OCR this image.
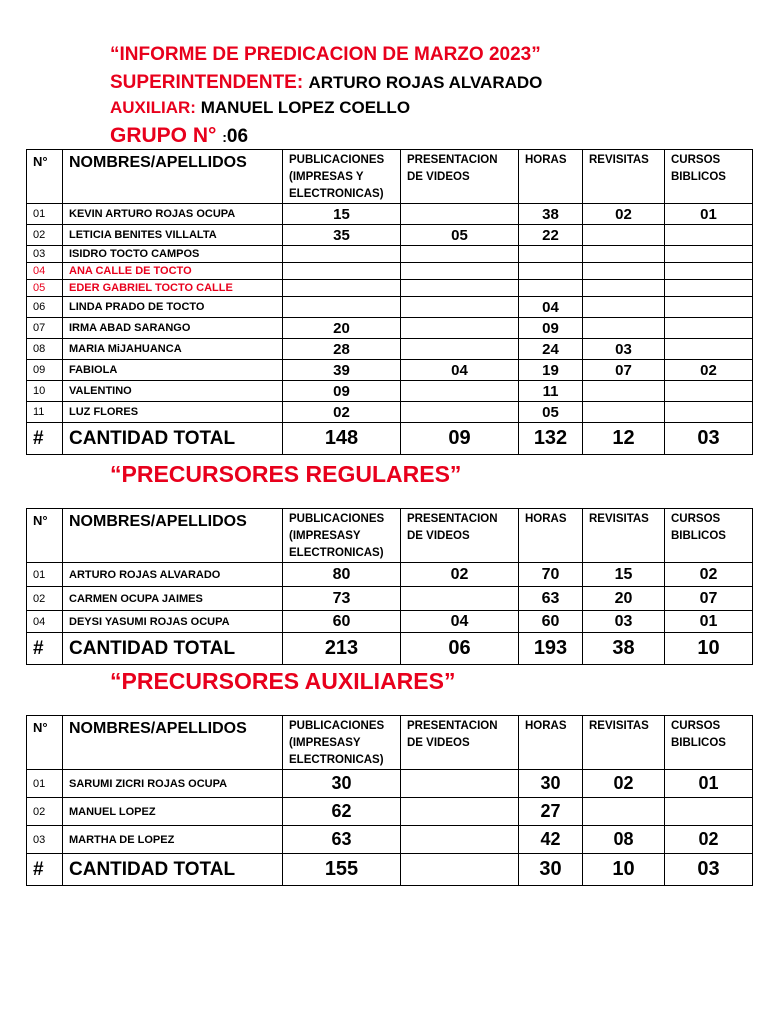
“INFORME DE PREDICACION DE MARZO 2023”
SUPERINTENDENTE: ARTURO ROJAS ALVARADO
AUXILIAR: MANUEL LOPEZ COELLO
GRUPO N° :06
N°	NOMBRES/APELLIDOS	PUBLICACIONES (IMPRESAS Y ELECTRONICAS)	PRESENTACION DE VIDEOS	HORAS	REVISITAS	CURSOS BIBLICOS
01	KEVIN ARTURO ROJAS OCUPA	15		38	02	01
02	LETICIA BENITES VILLALTA	35	05	22		
03	ISIDRO TOCTO CAMPOS					
04	ANA CALLE DE TOCTO					
05	EDER GABRIEL TOCTO CALLE					
06	LINDA PRADO DE TOCTO			04		
07	IRMA ABAD SARANGO	20		09		
08	MARIA MiJAHUANCA	28		24	03	
09	FABIOLA	39	04	19	07	02
10	VALENTINO	09		11		
11	LUZ FLORES	02		05		
#	CANTIDAD TOTAL	148	09	132	12	03
“PRECURSORES REGULARES”
N°	NOMBRES/APELLIDOS	PUBLICACIONES (IMPRESASY ELECTRONICAS)	PRESENTACION DE VIDEOS	HORAS	REVISITAS	CURSOS BIBLICOS
01	ARTURO ROJAS ALVARADO	80	02	70	15	02
02	CARMEN OCUPA JAIMES	73		63	20	07
04	DEYSI YASUMI ROJAS OCUPA	60	04	60	03	01
#	CANTIDAD TOTAL	213	06	193	38	10
“PRECURSORES AUXILIARES”
N°	NOMBRES/APELLIDOS	PUBLICACIONES (IMPRESASY ELECTRONICAS)	PRESENTACION DE VIDEOS	HORAS	REVISITAS	CURSOS BIBLICOS
01	SARUMI ZICRI ROJAS OCUPA	30		30	02	01
02	MANUEL LOPEZ	62		27		
03	MARTHA DE LOPEZ	63		42	08	02
#	CANTIDAD TOTAL	155		30	10	03
